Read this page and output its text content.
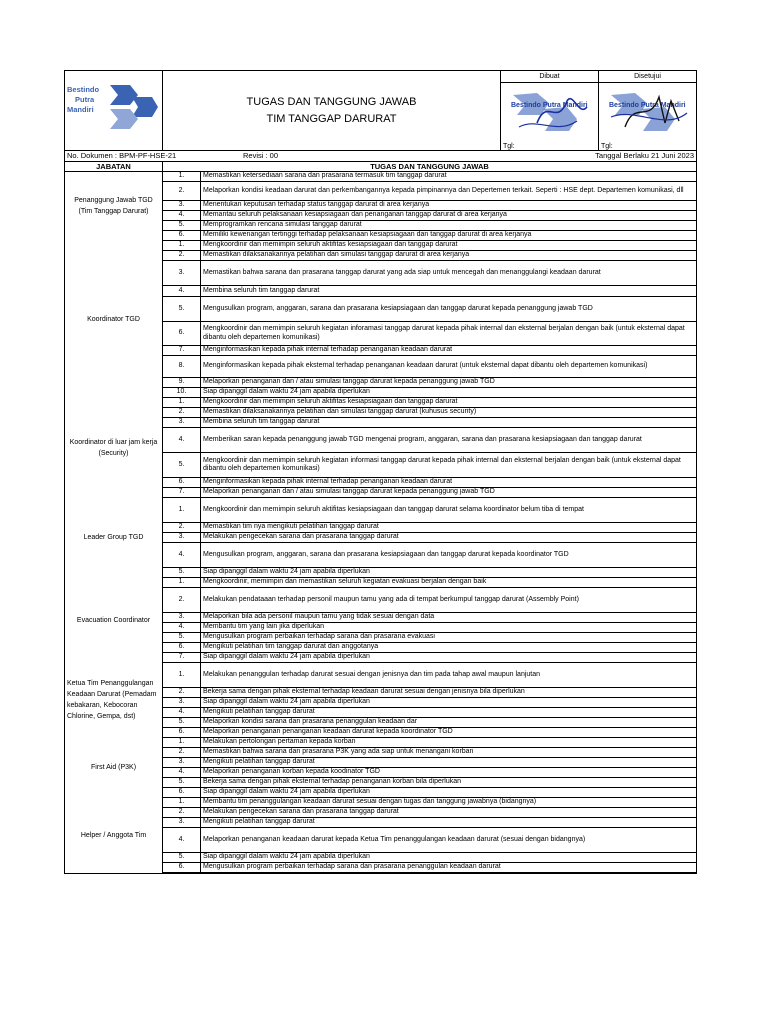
Bestindo
Putra
Mandiri
TUGAS DAN TANGGUNG JAWAB
TIM TANGGAP DARURAT
Dibuat	Disetujui
Bestindo Putra Mandiri
Tgl:
Bestindo Putra Mandiri
Tgl:
No. Dokumen : BPM-PF-HSE-21	Revisi : 00	Tanggal Berlaku 21 Juni 2023
JABATAN	TUGAS DAN TANGGUNG JAWAB
Penanggung Jawab TGD (Tim Tanggap Darurat)	1.	Memastikan ketersediaan sarana dan prasarana termasuk tim tanggap darurat
	2.	Melaporkan kondisi keadaan darurat dan perkembangannya kepada pimpinannya dan Depertemen terkait. Seperti : HSE dept. Departemen komunikasi, dll
	3.	Menentukan keputusan terhadap status tanggap darurat di area kerjanya
	4.	Memantau seluruh pelaksanaan kesiapsiagaan dan penanganan tanggap darurat di area kerjanya
	5.	Memprogramkan rencana simulasi tanggap darurat
	6.	Memiliki kewenangan tertinggi terhadap pelaksanaan kesiapsiagaan dan tanggap darurat di area kerjanya
Koordinator TGD	1.	Mengkoordinir dan memimpin seluruh aktifitas kesiapsiagaan dan tanggap darurat
	2.	Memastikan dilaksanakannya pelatihan dan simulasi tanggap darurat di area kerjanya
	3.	Memastikan bahwa sarana dan prasarana tanggap darurat yang ada siap untuk mencegah dan menanggulangi keadaan darurat
	4.	Membina seluruh tim tanggap darurat
	5.	Mengusulkan program, anggaran, sarana dan prasarana kesiapsiagaan dan tanggap darurat kepada penanggung jawab TGD
	6.	Mengkoordinir dan memimpin seluruh kegiatan inforamasi tanggap darurat kepada pihak internal dan eksternal berjalan dengan baik (untuk eksternal dapat dibantu oleh departemen komunikasi)
	7.	Menginformasikan kepada pihak internal terhadap penanganan keadaan darurat
	8.	Menginformasikan kepada pihak eksternal terhadap penanganan keadaan darurat (untuk eksternal dapat dibantu oleh departemen komunikasi)
	9.	Melaporkan penanganan dan / atau simulasi tanggap darurat kepada penanggung jawab TGD
	10.	Siap dipanggil dalam waktu 24 jam apabila diperlukan
Koordinator di luar jam kerja (Security)	1.	Mengkoordinir dan memimpin seluruh aktifitas kesiapsiagaan dan tanggap darurat
	2.	Memastikan dilaksanakannya pelatihan dan simulasi tanggap darurat (kuhusus security)
	3.	Membina seluruh tim tanggap darurat
	4.	Memberikan saran kepada penanggung jawab TGD mengenai program, anggaran, sarana dan prasarana kesiapsiagaan dan tanggap darurat
	5.	Mengkoordinir dan memimpin seluruh kegiatan informasi tanggap darurat kepada pihak internal dan eksternal berjalan dengan baik (untuk eksternal dapat dibantu oleh departemen komunikasi)
	6.	Menginformasikan kepada pihak internal terhadap penanganan keadaan darurat
	7.	Melaporkan penanganan dan / atau simulasi tanggap darurat kepada penanggung jawab TGD
Leader Group TGD	1.	Mengkoordinir dan memimpin seluruh aktifitas kesiapsiagaan dan tanggap darurat selama koordinator belum tiba di tempat
	2.	Memastikan tim nya mengikuti pelatihan tanggap darurat
	3.	Melakukan pengecekan sarana dan prasarana tanggap darurat
	4.	Mengusulkan program, anggaran, sarana dan prasarana kesiapsiagaan dan tanggap darurat kepada koordinator TGD
	5.	Siap dipanggil dalam waktu 24 jam apabila diperlukan
Evacuation Coordinator	1.	Mengkoordinir, memimpin dan memastikan seluruh kegiatan evakuasi berjalan dengan baik
	2.	Melakukan pendataaan terhadap personil maupun tamu yang ada di tempat berkumpul tanggap darurat (Assembly Point)
	3.	Melaporkan bila ada personil maupun tamu yang tidak sesuai dengan data
	4.	Membantu tim yang lain jika diperlukan
	5.	Mengusulkan program perbaikan terhadap sarana dan prasarana evakuasi
	6.	Mengikuti pelatihan tim tanggap darurat dan anggotanya
	7.	Siap dipanggil dalam waktu 24 jam apabila diperlukan
Ketua Tim Penanggulangan Keadaan Darurat (Pemadam kebakaran, Kebocoran Chlorine, Gempa, dst)	1.	Melakukan penanggulan terhadap darurat sesuai dengan jenisnya dan tim pada tahap awal maupun lanjutan
	2.	Bekerja sama dengan pihak eksternal terhadap keadaan darurat sesuai dengan jenisnya bila diperlukan
	3.	Siap dipanggil dalam waktu 24 jam apabila diperlukan
	4.	Mengikuti pelatihan tanggap darurat
	5.	Melaporkan kondisi sarana dan prasarana penanggulan keadaan dar
	6.	Melaporkan penanganan penanganan keadaan darurat kepada koordinator TGD
First Aid (P3K)	1.	Melakukan pertolongan pertaman kepada korban
	2.	Memastikan bahwa sarana dan prasarana P3K yang ada siap untuk menangani korban
	3.	Mengikuti pelatihan tanggap darurat
	4.	Melaporkan penanganan korban kepada koodinator TGD
	5.	Bekerja sama dengan pihak eksternal terhadap penanganan korban bila diperlukan
	6.	Siap dipanggil dalam waktu 24 jam apabila diperlukan
Helper / Anggota Tim	1.	Membantu tim penanggulangan keadaan darurat sesuai dengan tugas dan tanggung jawabnya (bidangnya)
	2.	Melakukan pengecekan sarana dan prasarana tanggap darurat
	3.	Mengikuti pelatihan tanggap darurat
	4.	Melaporkan penanganan keadaan darurat kepada Ketua Tim penanggulangan keadaan darurat (sesuai dengan bidangnya)
	5.	Siap dipanggil dalam waktu 24 jam apabila diperlukan
	6.	Mengusulkan program perbaikan terhadap sarana dan prasarana penanggulan keadaan darurat
